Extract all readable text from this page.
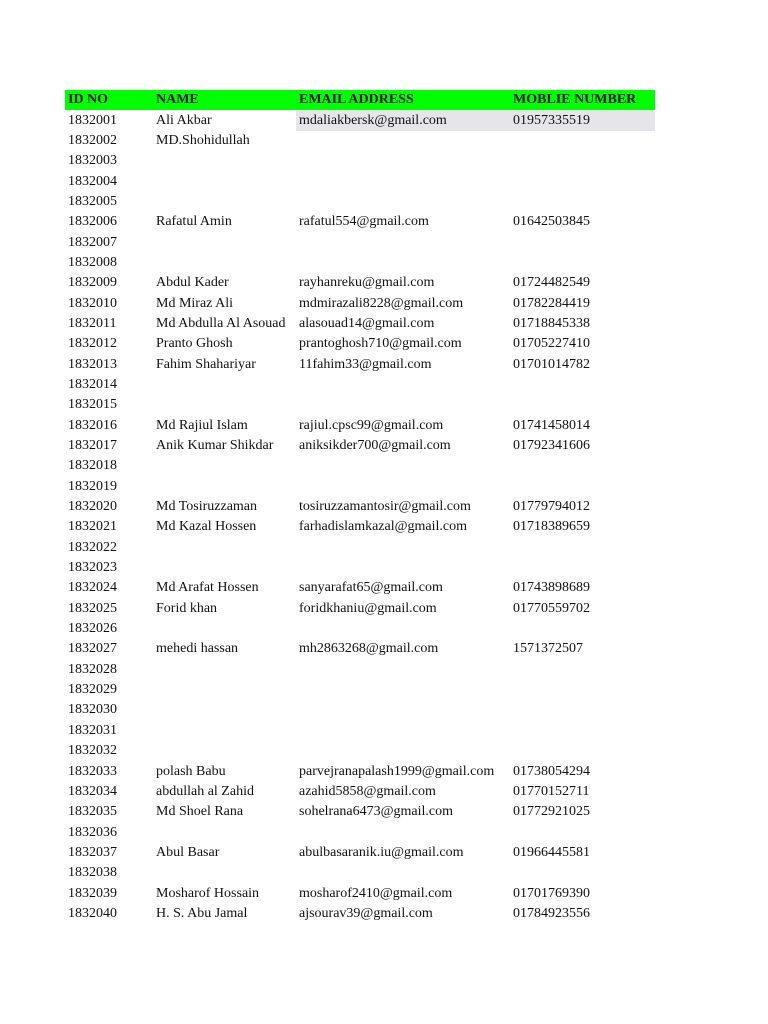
ID NO	NAME	EMAIL ADDRESS	MOBLIE NUMBER
1832001	Ali Akbar	mdaliakbersk@gmail.com	01957335519
1832002	MD.Shohidullah		
1832003			
1832004			
1832005			
1832006	Rafatul Amin	rafatul554@gmail.com	01642503845
1832007			
1832008			
1832009	Abdul Kader	rayhanreku@gmail.com	01724482549
1832010	Md Miraz Ali	mdmirazali8228@gmail.com	01782284419
1832011	Md Abdulla Al Asouad	alasouad14@gmail.com	01718845338
1832012	Pranto Ghosh	prantoghosh710@gmail.com	01705227410
1832013	Fahim Shahariyar	11fahim33@gmail.com	01701014782
1832014			
1832015			
1832016	Md Rajiul Islam	rajiul.cpsc99@gmail.com	01741458014
1832017	Anik Kumar Shikdar	aniksikder700@gmail.com	01792341606
1832018			
1832019			
1832020	Md Tosiruzzaman	tosiruzzamantosir@gmail.com	01779794012
1832021	Md Kazal Hossen	farhadislamkazal@gmail.com	01718389659
1832022			
1832023			
1832024	Md Arafat Hossen	sanyarafat65@gmail.com	01743898689
1832025	Forid khan	foridkhaniu@gmail.com	01770559702
1832026			
1832027	mehedi hassan	mh2863268@gmail.com	1571372507
1832028			
1832029			
1832030			
1832031			
1832032			
1832033	polash Babu	parvejranapalash1999@gmail.com	01738054294
1832034	abdullah al Zahid	azahid5858@gmail.com	01770152711
1832035	Md Shoel Rana	sohelrana6473@gmail.com	01772921025
1832036			
1832037	Abul Basar	abulbasaranik.iu@gmail.com	01966445581
1832038			
1832039	Mosharof Hossain	mosharof2410@gmail.com	01701769390
1832040	H. S. Abu Jamal	ajsourav39@gmail.com	01784923556
